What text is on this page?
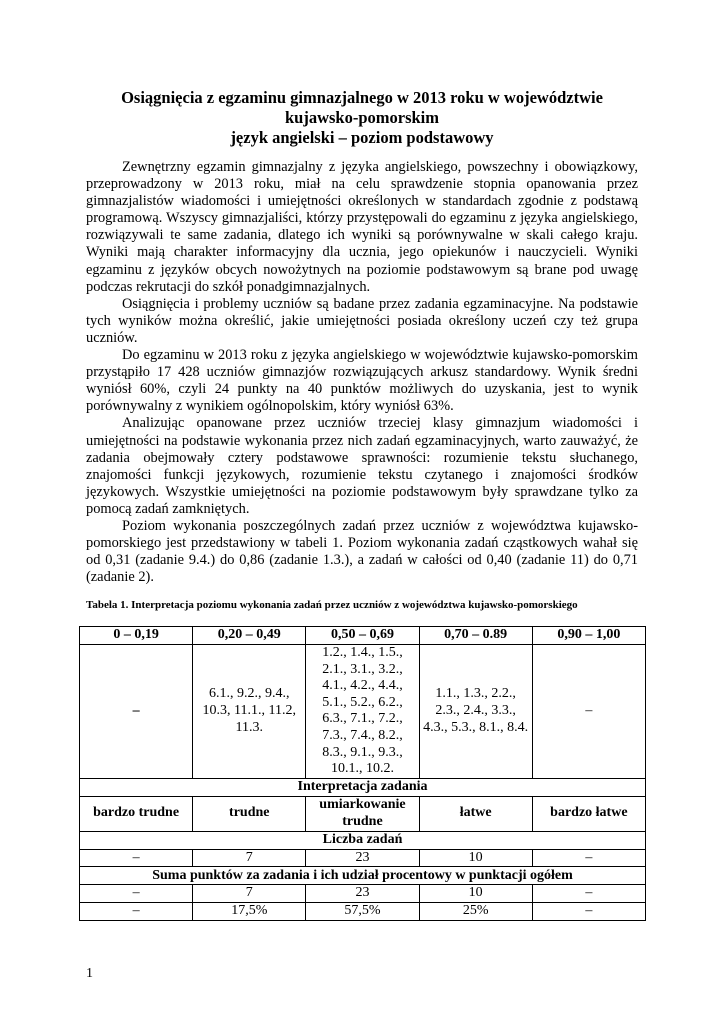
Osiągnięcia z egzaminu gimnazjalnego w 2013 roku w województwie
kujawsko-pomorskim
język angielski – poziom podstawowy

Zewnętrzny egzamin gimnazjalny z języka angielskiego, powszechny i obowiązkowy, przeprowadzony w 2013 roku, miał na celu sprawdzenie stopnia opanowania przez gimnazjalistów wiadomości i umiejętności określonych w standardach zgodnie z podstawą programową. Wszyscy gimnazjaliści, którzy przystępowali do egzaminu z języka angielskiego, rozwiązywali te same zadania, dlatego ich wyniki są porównywalne w skali całego kraju. Wyniki mają charakter informacyjny dla ucznia, jego opiekunów i nauczycieli. Wyniki egzaminu z języków obcych nowożytnych na poziomie podstawowym są brane pod uwagę podczas rekrutacji do szkół ponadgimnazjalnych.

Osiągnięcia i problemy uczniów są badane przez zadania egzaminacyjne. Na podstawie tych wyników można określić, jakie umiejętności posiada określony uczeń czy też grupa uczniów.

Do egzaminu w 2013 roku z języka angielskiego w województwie kujawsko-pomorskim przystąpiło 17 428 uczniów gimnazjów rozwiązujących arkusz standardowy. Wynik średni wyniósł 60%, czyli 24 punkty na 40 punktów możliwych do uzyskania, jest to wynik porównywalny z wynikiem ogólnopolskim, który wyniósł 63%.

Analizując opanowane przez uczniów trzeciej klasy gimnazjum wiadomości i umiejętności na podstawie wykonania przez nich zadań egzaminacyjnych, warto zauważyć, że zadania obejmowały cztery podstawowe sprawności: rozumienie tekstu słuchanego, znajomości funkcji językowych, rozumienie tekstu czytanego i znajomości środków językowych. Wszystkie umiejętności na poziomie podstawowym były sprawdzane tylko za pomocą zadań zamkniętych.

Poziom wykonania poszczególnych zadań przez uczniów z województwa kujawsko-pomorskiego jest przedstawiony w tabeli 1. Poziom wykonania zadań cząstkowych wahał się od 0,31 (zadanie 9.4.) do 0,86 (zadanie 1.3.), a zadań w całości od 0,40 (zadanie 11) do 0,71 (zadanie 2).

Tabela 1. Interpretacja poziomu wykonania zadań przez uczniów z województwa kujawsko-pomorskiego
0 – 0,19	0,20 – 0,49	0,50 – 0,69	0,70 – 0.89	0,90 – 1,00
–	6.1., 9.2., 9.4., 10.3, 11.1., 11.2, 11.3.	1.2., 1.4., 1.5., 2.1., 3.1., 3.2., 4.1., 4.2., 4.4., 5.1., 5.2., 6.2., 6.3., 7.1., 7.2., 7.3., 7.4., 8.2., 8.3., 9.1., 9.3., 10.1., 10.2.	1.1., 1.3., 2.2., 2.3., 2.4., 3.3., 4.3., 5.3., 8.1., 8.4.	–
Interpretacja zadania				
bardzo trudne	trudne	umiarkowanie trudne	łatwe	bardzo łatwe
Liczba zadań				
–	7	23	10	–
Suma punktów za zadania i ich udział procentowy w punktacji ogółem				
–	7	23	10	–
–	17,5%	57,5%	25%	–
1
